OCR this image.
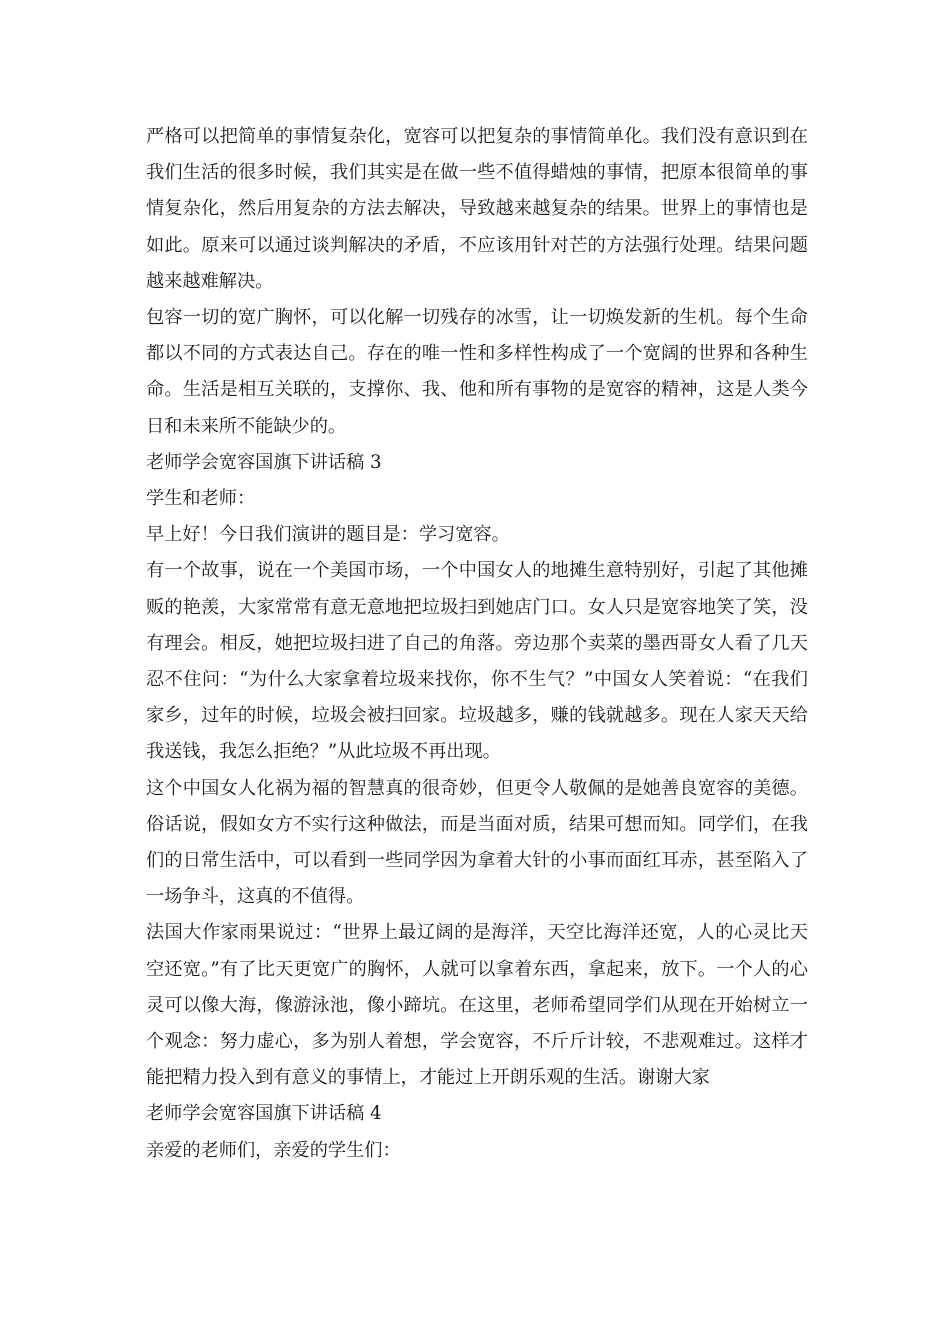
严格可以把简单的事情复杂化，宽容可以把复杂的事情简单化。我们没有意识到在我们生活的很多时候，我们其实是在做一些不值得蜡烛的事情，把原本很简单的事情复杂化，然后用复杂的方法去解决，导致越来越复杂的结果。世界上的事情也是如此。原来可以通过谈判解决的矛盾，不应该用针对芒的方法强行处理。结果问题越来越难解决。

包容一切的宽广胸怀，可以化解一切残存的冰雪，让一切焕发新的生机。每个生命都以不同的方式表达自己。存在的唯一性和多样性构成了一个宽阔的世界和各种生命。生活是相互关联的，支撑你、我、他和所有事物的是宽容的精神，这是人类今日和未来所不能缺少的。

老师学会宽容国旗下讲话稿 3

学生和老师：

早上好！今日我们演讲的题目是：学习宽容。

有一个故事，说在一个美国市场，一个中国女人的地摊生意特别好，引起了其他摊贩的艳羡，大家常常有意无意地把垃圾扫到她店门口。女人只是宽容地笑了笑，没有理会。相反，她把垃圾扫进了自己的角落。旁边那个卖菜的墨西哥女人看了几天忍不住问：“为什么大家拿着垃圾来找你，你不生气？”中国女人笑着说：“在我们家乡，过年的时候，垃圾会被扫回家。垃圾越多，赚的钱就越多。现在人家天天给我送钱，我怎么拒绝？”从此垃圾不再出现。

这个中国女人化祸为福的智慧真的很奇妙，但更令人敬佩的是她善良宽容的美德。俗话说，假如女方不实行这种做法，而是当面对质，结果可想而知。同学们，在我们的日常生活中，可以看到一些同学因为拿着大针的小事而面红耳赤，甚至陷入了一场争斗，这真的不值得。

法国大作家雨果说过：“世界上最辽阔的是海洋，天空比海洋还宽，人的心灵比天空还宽。”有了比天更宽广的胸怀，人就可以拿着东西，拿起来，放下。一个人的心灵可以像大海，像游泳池，像小蹄坑。在这里，老师希望同学们从现在开始树立一个观念：努力虚心，多为别人着想，学会宽容，不斤斤计较，不悲观难过。这样才能把精力投入到有意义的事情上，才能过上开朗乐观的生活。谢谢大家

老师学会宽容国旗下讲话稿 4

亲爱的老师们，亲爱的学生们：
